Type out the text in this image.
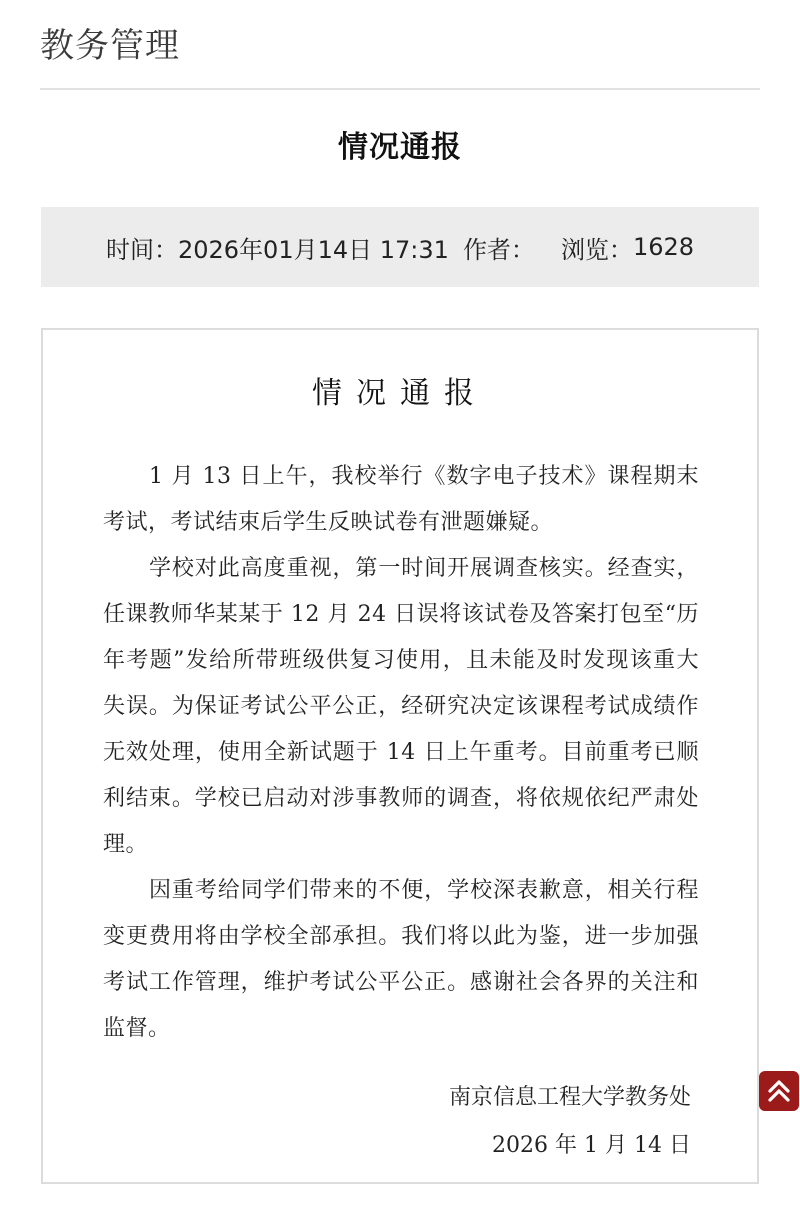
教务管理
情况通报
时间： 2026年01月14日 17:31 作者： 浏览： 1628
情况通报

1 月 13 日上午，我校举行《数字电子技术》课程期末考试，考试结束后学生反映试卷有泄题嫌疑。

学校对此高度重视，第一时间开展调查核实。经查实，任课教师华某某于 12 月 24 日误将该试卷及答案打包至“历年考题”发给所带班级供复习使用，且未能及时发现该重大失误。为保证考试公平公正，经研究决定该课程考试成绩作无效处理，使用全新试题于 14 日上午重考。目前重考已顺利结束。学校已启动对涉事教师的调查，将依规依纪严肃处理。

因重考给同学们带来的不便，学校深表歉意，相关行程变更费用将由学校全部承担。我们将以此为鉴，进一步加强考试工作管理，维护考试公平公正。感谢社会各界的关注和监督。

南京信息工程大学教务处
2026 年 1 月 14 日
